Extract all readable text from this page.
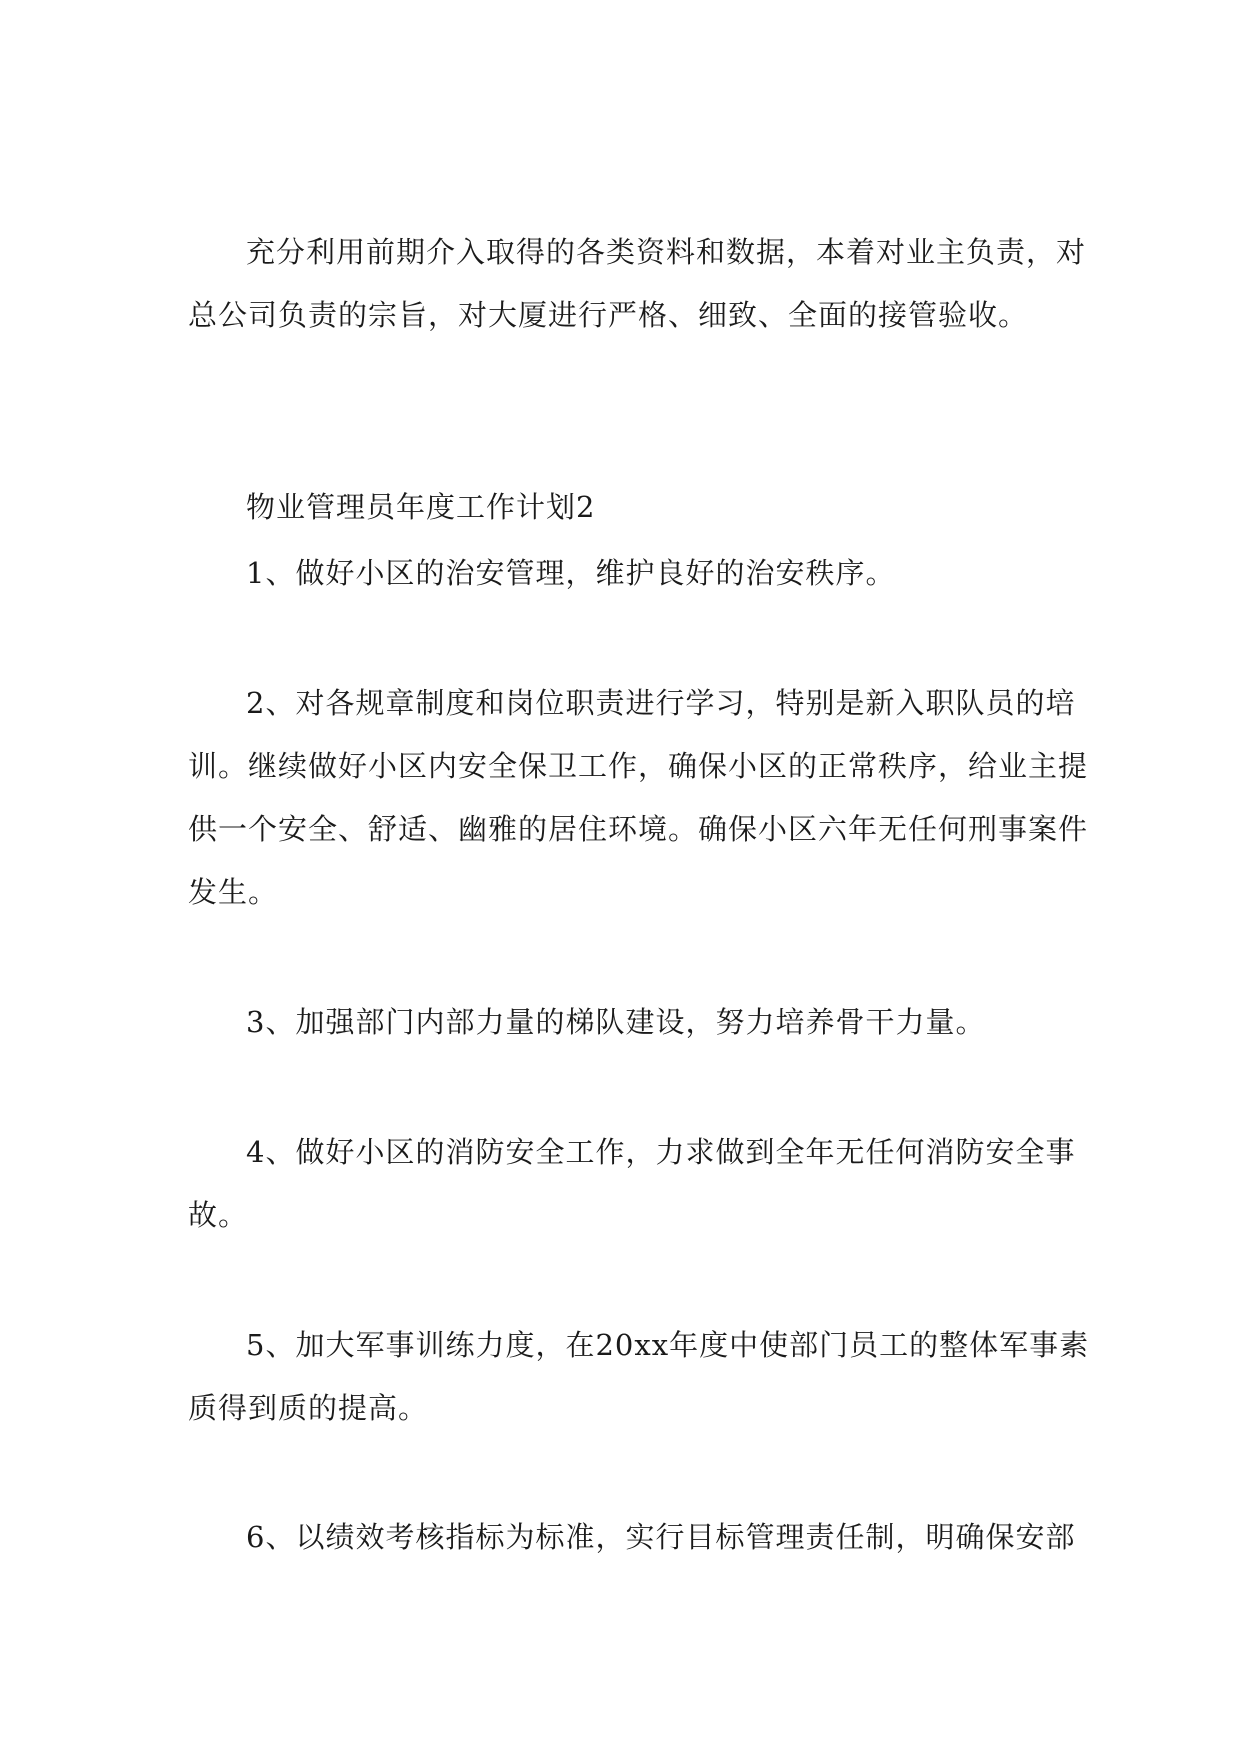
充分利用前期介入取得的各类资料和数据，本着对业主负责，对
总公司负责的宗旨，对大厦进行严格、细致、全面的接管验收。
物业管理员年度工作计划2
1、做好小区的治安管理，维护良好的治安秩序。
2、对各规章制度和岗位职责进行学习，特别是新入职队员的培
训。继续做好小区内安全保卫工作，确保小区的正常秩序，给业主提
供一个安全、舒适、幽雅的居住环境。确保小区六年无任何刑事案件
发生。
3、加强部门内部力量的梯队建设，努力培养骨干力量。
4、做好小区的消防安全工作，力求做到全年无任何消防安全事
故。
5、加大军事训练力度，在20xx年度中使部门员工的整体军事素
质得到质的提高。
6、以绩效考核指标为标准，实行目标管理责任制，明确保安部
